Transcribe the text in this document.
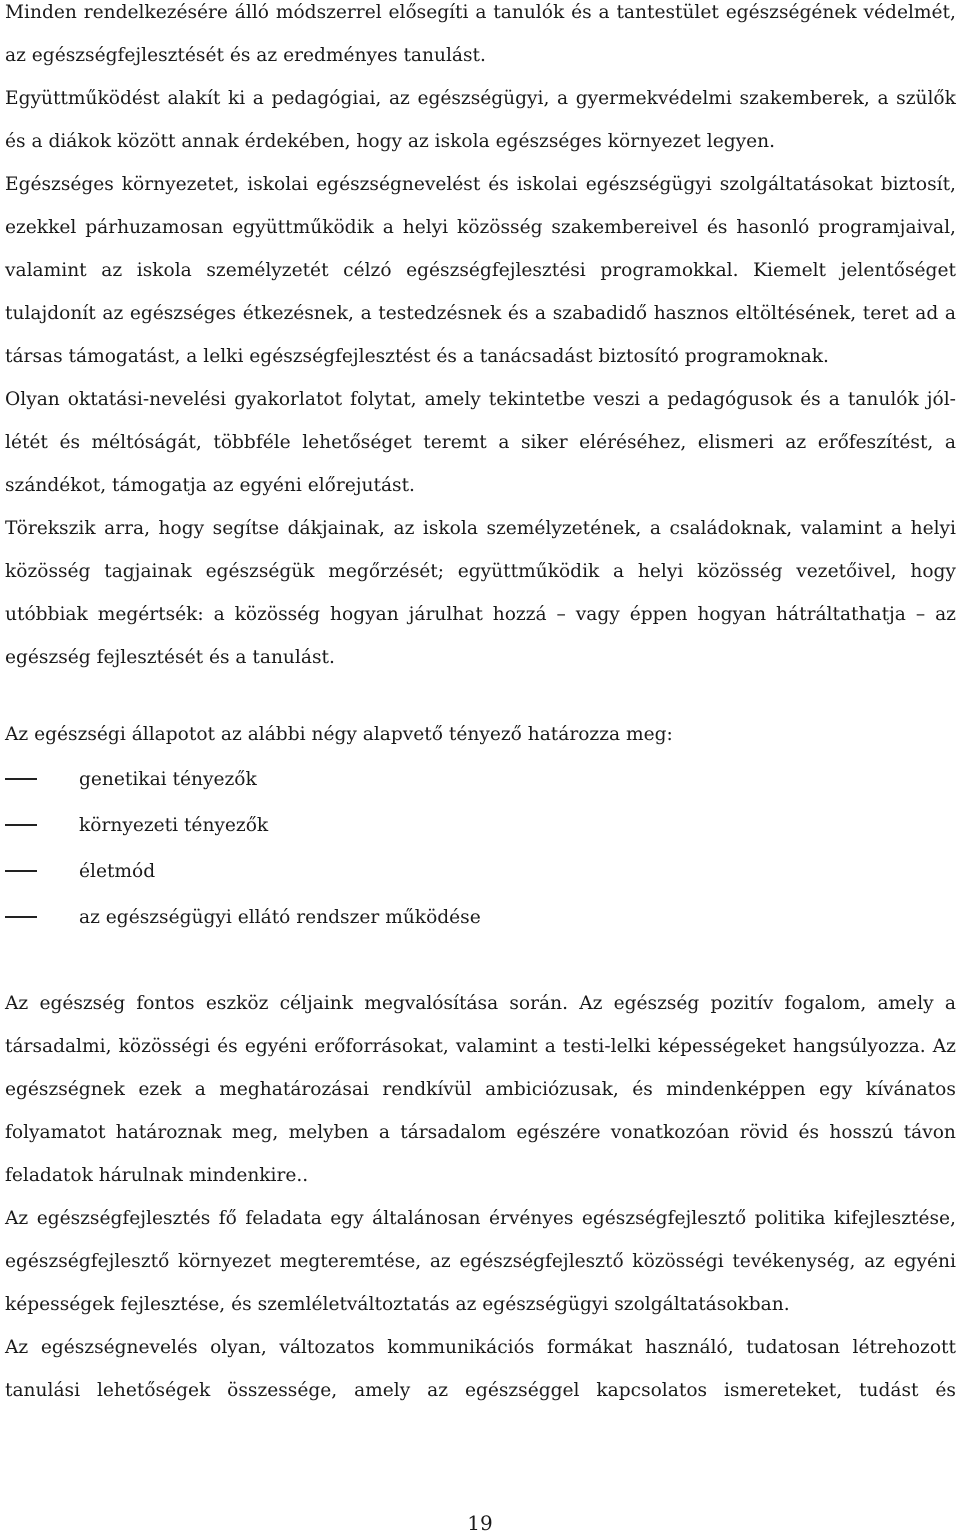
Minden rendelkezésére álló módszerrel elősegíti a tanulók és a tantestület egészségének védelmét,
az egészségfejlesztését és az eredményes tanulást.
Együttműködést alakít ki a pedagógiai, az egészségügyi, a gyermekvédelmi szakemberek, a szülők
és a diákok között annak érdekében, hogy az iskola egészséges környezet legyen.
Egészséges környezetet, iskolai egészségnevelést és iskolai egészségügyi szolgáltatásokat biztosít,
ezekkel párhuzamosan együttműködik a helyi közösség szakembereivel és hasonló programjaival,
valamint az iskola személyzetét célzó egészségfejlesztési programokkal. Kiemelt jelentőséget
tulajdonít az egészséges étkezésnek, a testedzésnek és a szabadidő hasznos eltöltésének, teret ad a
társas támogatást, a lelki egészségfejlesztést és a tanácsadást biztosító programoknak.
Olyan oktatási-nevelési gyakorlatot folytat, amely tekintetbe veszi a pedagógusok és a tanulók jól-
létét és méltóságát, többféle lehetőséget teremt a siker eléréséhez, elismeri az erőfeszítést, a
szándékot, támogatja az egyéni előrejutást.
Törekszik arra, hogy segítse dákjainak, az iskola személyzetének, a családoknak, valamint a helyi
közösség tagjainak egészségük megőrzését; együttműködik a helyi közösség vezetőivel, hogy
utóbbiak megértsék: a közösség hogyan járulhat hozzá – vagy éppen hogyan hátráltathatja – az
egészség fejlesztését és a tanulást.
Az egészségi állapotot az alábbi négy alapvető tényező határozza meg:
genetikai tényezők
környezeti tényezők
életmód
az egészségügyi ellátó rendszer működése
Az egészség fontos eszköz céljaink megvalósítása során. Az egészség pozitív fogalom, amely a
társadalmi, közösségi és egyéni erőforrásokat, valamint a testi-lelki képességeket hangsúlyozza. Az
egészségnek ezek a meghatározásai rendkívül ambiciózusak, és mindenképpen egy kívánatos
folyamatot határoznak meg, melyben a társadalom egészére vonatkozóan rövid és hosszú távon
feladatok hárulnak mindenkire..
Az egészségfejlesztés fő feladata egy általánosan érvényes egészségfejlesztő politika kifejlesztése,
egészségfejlesztő környezet megteremtése, az egészségfejlesztő közösségi tevékenység, az egyéni
képességek fejlesztése, és szemléletváltoztatás az egészségügyi szolgáltatásokban.
Az egészségnevelés olyan, változatos kommunikációs formákat használó, tudatosan létrehozott
tanulási lehetőségek összessége, amely az egészséggel kapcsolatos ismereteket, tudást és
19
